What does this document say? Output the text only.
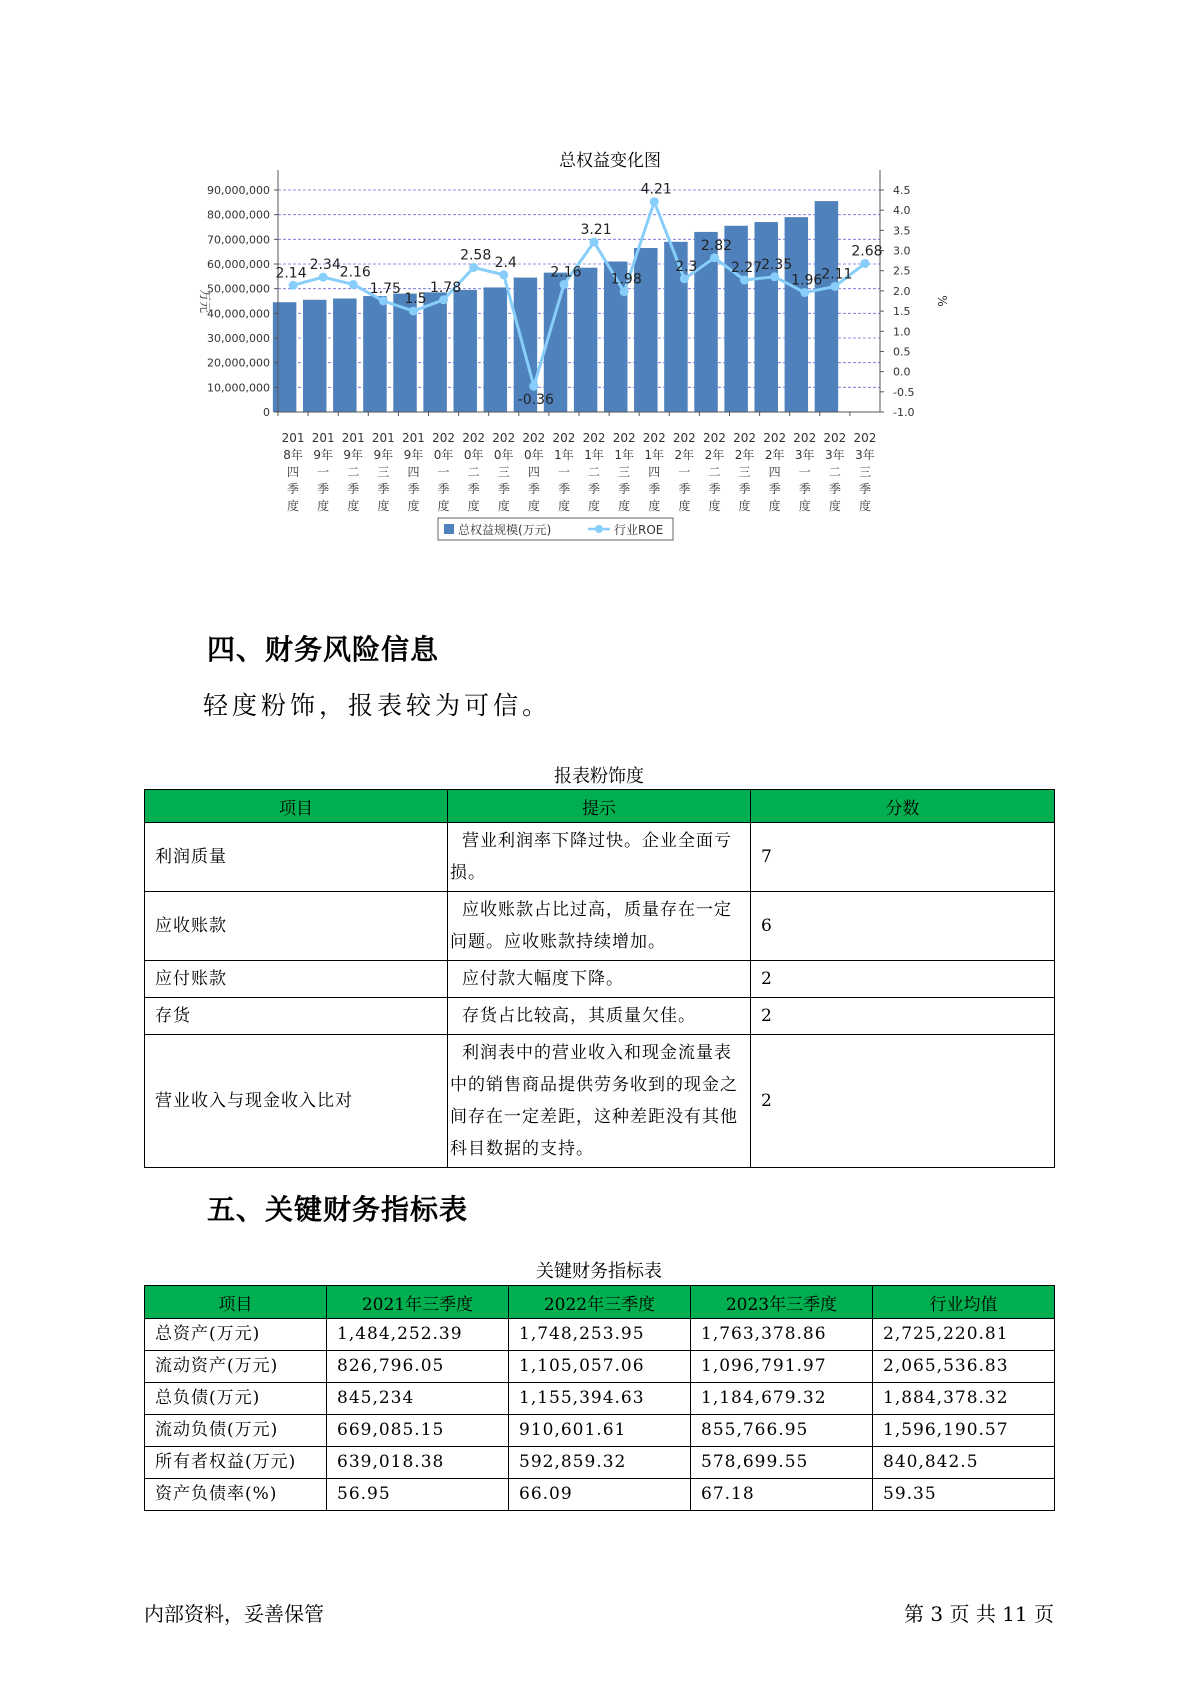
总权益变化图
90,000,000
80,000,000
70,000,000
60,000,000
50,000,000
40,000,000
30,000,000
20,000,000
10,000,000
0
4.5
4.0
3.5
3.0
2.5
2.0
1.5
1.0
0.5
0.0
-0.5
-1.0
万元	%
201
8年
四
季
度
201
9年
一
季
度
201
9年
二
季
度
201
9年
三
季
度
201
9年
四
季
度
202
0年
一
季
度
202
0年
二
季
度
202
0年
三
季
度
202
0年
四
季
度
202
1年
一
季
度
202
1年
二
季
度
202
1年
三
季
度
202
1年
四
季
度
202
2年
一
季
度
202
2年
二
季
度
202
2年
三
季
度
202
2年
四
季
度
202
3年
一
季
度
202
3年
二
季
度
202
3年
三
季
度
2.14
2.34
2.16
1.75
1.5
1.78
2.58 2.4
-0.36
2.16
3.21
1.98
4.21
2.3
2.82
2.27
2.35
1.96
2.11
2.68
总权益规模(万元)	行业ROE
四、财务风险信息
轻度粉饰，报表较为可信。
报表粉饰度
项目	提示	分数
利润质量	营业利润率下降过快。企业全面亏损。	7
应收账款	应收账款占比过高，质量存在一定问题。应收账款持续增加。	6
应付账款	应付款大幅度下降。	2
存货	存货占比较高，其质量欠佳。	2
营业收入与现金收入比对	利润表中的营业收入和现金流量表中的销售商品提供劳务收到的现金之间存在一定差距，这种差距没有其他科目数据的支持。	2
五、关键财务指标表
关键财务指标表
项目	2021年三季度	2022年三季度	2023年三季度	行业均值
总资产(万元)	1,484,252.39	1,748,253.95	1,763,378.86	2,725,220.81
流动资产(万元)	826,796.05	1,105,057.06	1,096,791.97	2,065,536.83
总负债(万元)	845,234	1,155,394.63	1,184,679.32	1,884,378.32
流动负债(万元)	669,085.15	910,601.61	855,766.95	1,596,190.57
所有者权益(万元)	639,018.38	592,859.32	578,699.55	840,842.5
资产负债率(%)	56.95	66.09	67.18	59.35
内部资料，妥善保管	第 3 页 共 11 页
